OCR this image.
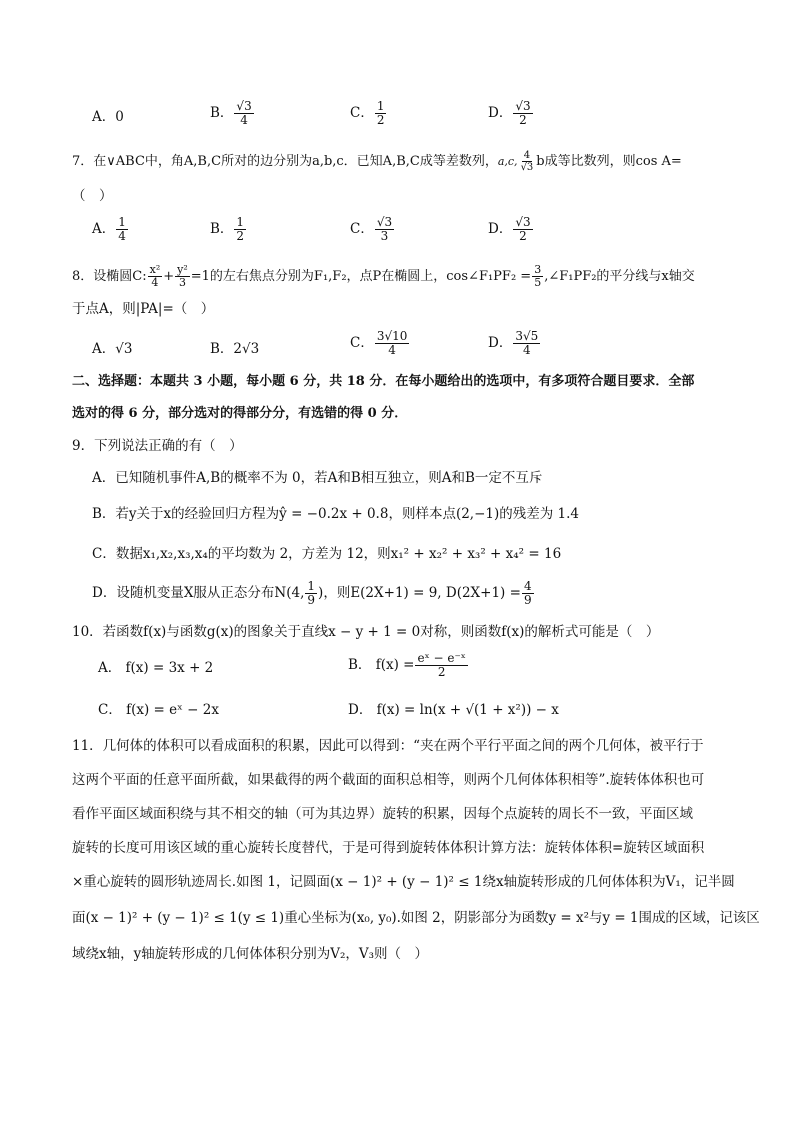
A．0	B． $\frac{√3}{4}$	C． $\frac{1}{2}$	D． $\frac{√3}{2}$
7．在∨ABC中，角A,B,C所对的边分别为a,b,c．已知A,B,C成等差数列，a,c, $\frac{4}{√3}$ b成等比数列，则cos A=
（　）
A． $\frac{1}{4}$	B． $\frac{1}{2}$	C． $\frac{√3}{3}$	D． $\frac{√3}{2}$
8．设椭圆C: $\frac{\text{x²}}{4} + \frac{\text{y²}}{3} =1$的左右焦点分别为F₁,F₂，点P在椭圆上，cos∠F₁PF₂ = $\frac{3}{5}$ ,∠F₁PF₂的平分线与x轴交
于点A，则|PA|=（　）
A．√3	B．2√3	C． $\frac{3√10}{4}$	D． $\frac{3√5}{4}$
二、选择题：本题共 3 小题，每小题 6 分，共 18 分．在每小题给出的选项中，有多项符合题目要求．全部
选对的得 6 分，部分选对的得部分分，有选错的得 0 分．
9．下列说法正确的有（　）
A．已知随机事件A,B的概率不为 0，若A和B相互独立，则A和B一定不互斥
B．若y关于x的经验回归方程为ŷ = −0.2x + 0.8，则样本点(2,−1)的残差为 1.4
C．数据x₁,x₂,x₃,x₄的平均数为 2，方差为 12，则x₁² + x₂² + x₃² + x₄² = 16
D．设随机变量X服从正态分布N(4, $\frac{1}{9}$ )，则E(2X+1) = 9, $D(2X+1) = \frac{4}{9}$
10．若函数f(x)与函数g(x)的图象关于直线x − y + 1 = 0对称，则函数f(x)的解析式可能是（　）
A． f(x) = 3x + 2	B． $f(x) = \frac{\text{eˣ − e⁻ˣ}}{2}$
C． f(x) = eˣ − 2x	D． f(x) = ln(x + √(1 + x²)) − x
11．几何体的体积可以看成面积的积累，因此可以得到：“夹在两个平行平面之间的两个几何体，被平行于
这两个平面的任意平面所截，如果截得的两个截面的面积总相等，则两个几何体体积相等”.旋转体体积也可
看作平面区域面积绕与其不相交的轴（可为其边界）旋转的积累，因每个点旋转的周长不一致，平面区域
旋转的长度可用该区域的重心旋转长度替代，于是可得到旋转体体积计算方法：旋转体体积=旋转区域面积
×重心旋转的圆形轨迹周长.如图 1，记圆面(x − 1)² + (y − 1)² ≤ 1绕x轴旋转形成的几何体体积为V₁，记半圆
面(x − 1)² + (y − 1)² ≤ 1(y ≤ 1)重心坐标为(x₀, y₀).如图 2，阴影部分为函数y = x²与y = 1围成的区域，记该区
域绕x轴，y轴旋转形成的几何体体积分别为V₂，V₃则（　）
